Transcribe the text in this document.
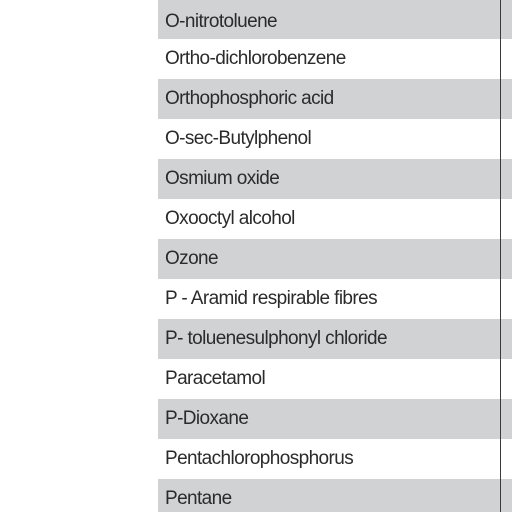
O-nitrotoluene
Ortho-dichlorobenzene
Orthophosphoric acid
O-sec-Butylphenol
Osmium oxide
Oxooctyl alcohol
Ozone
P - Aramid respirable fibres
P- toluenesulphonyl chloride
Paracetamol
P-Dioxane
Pentachlorophosphorus
Pentane
